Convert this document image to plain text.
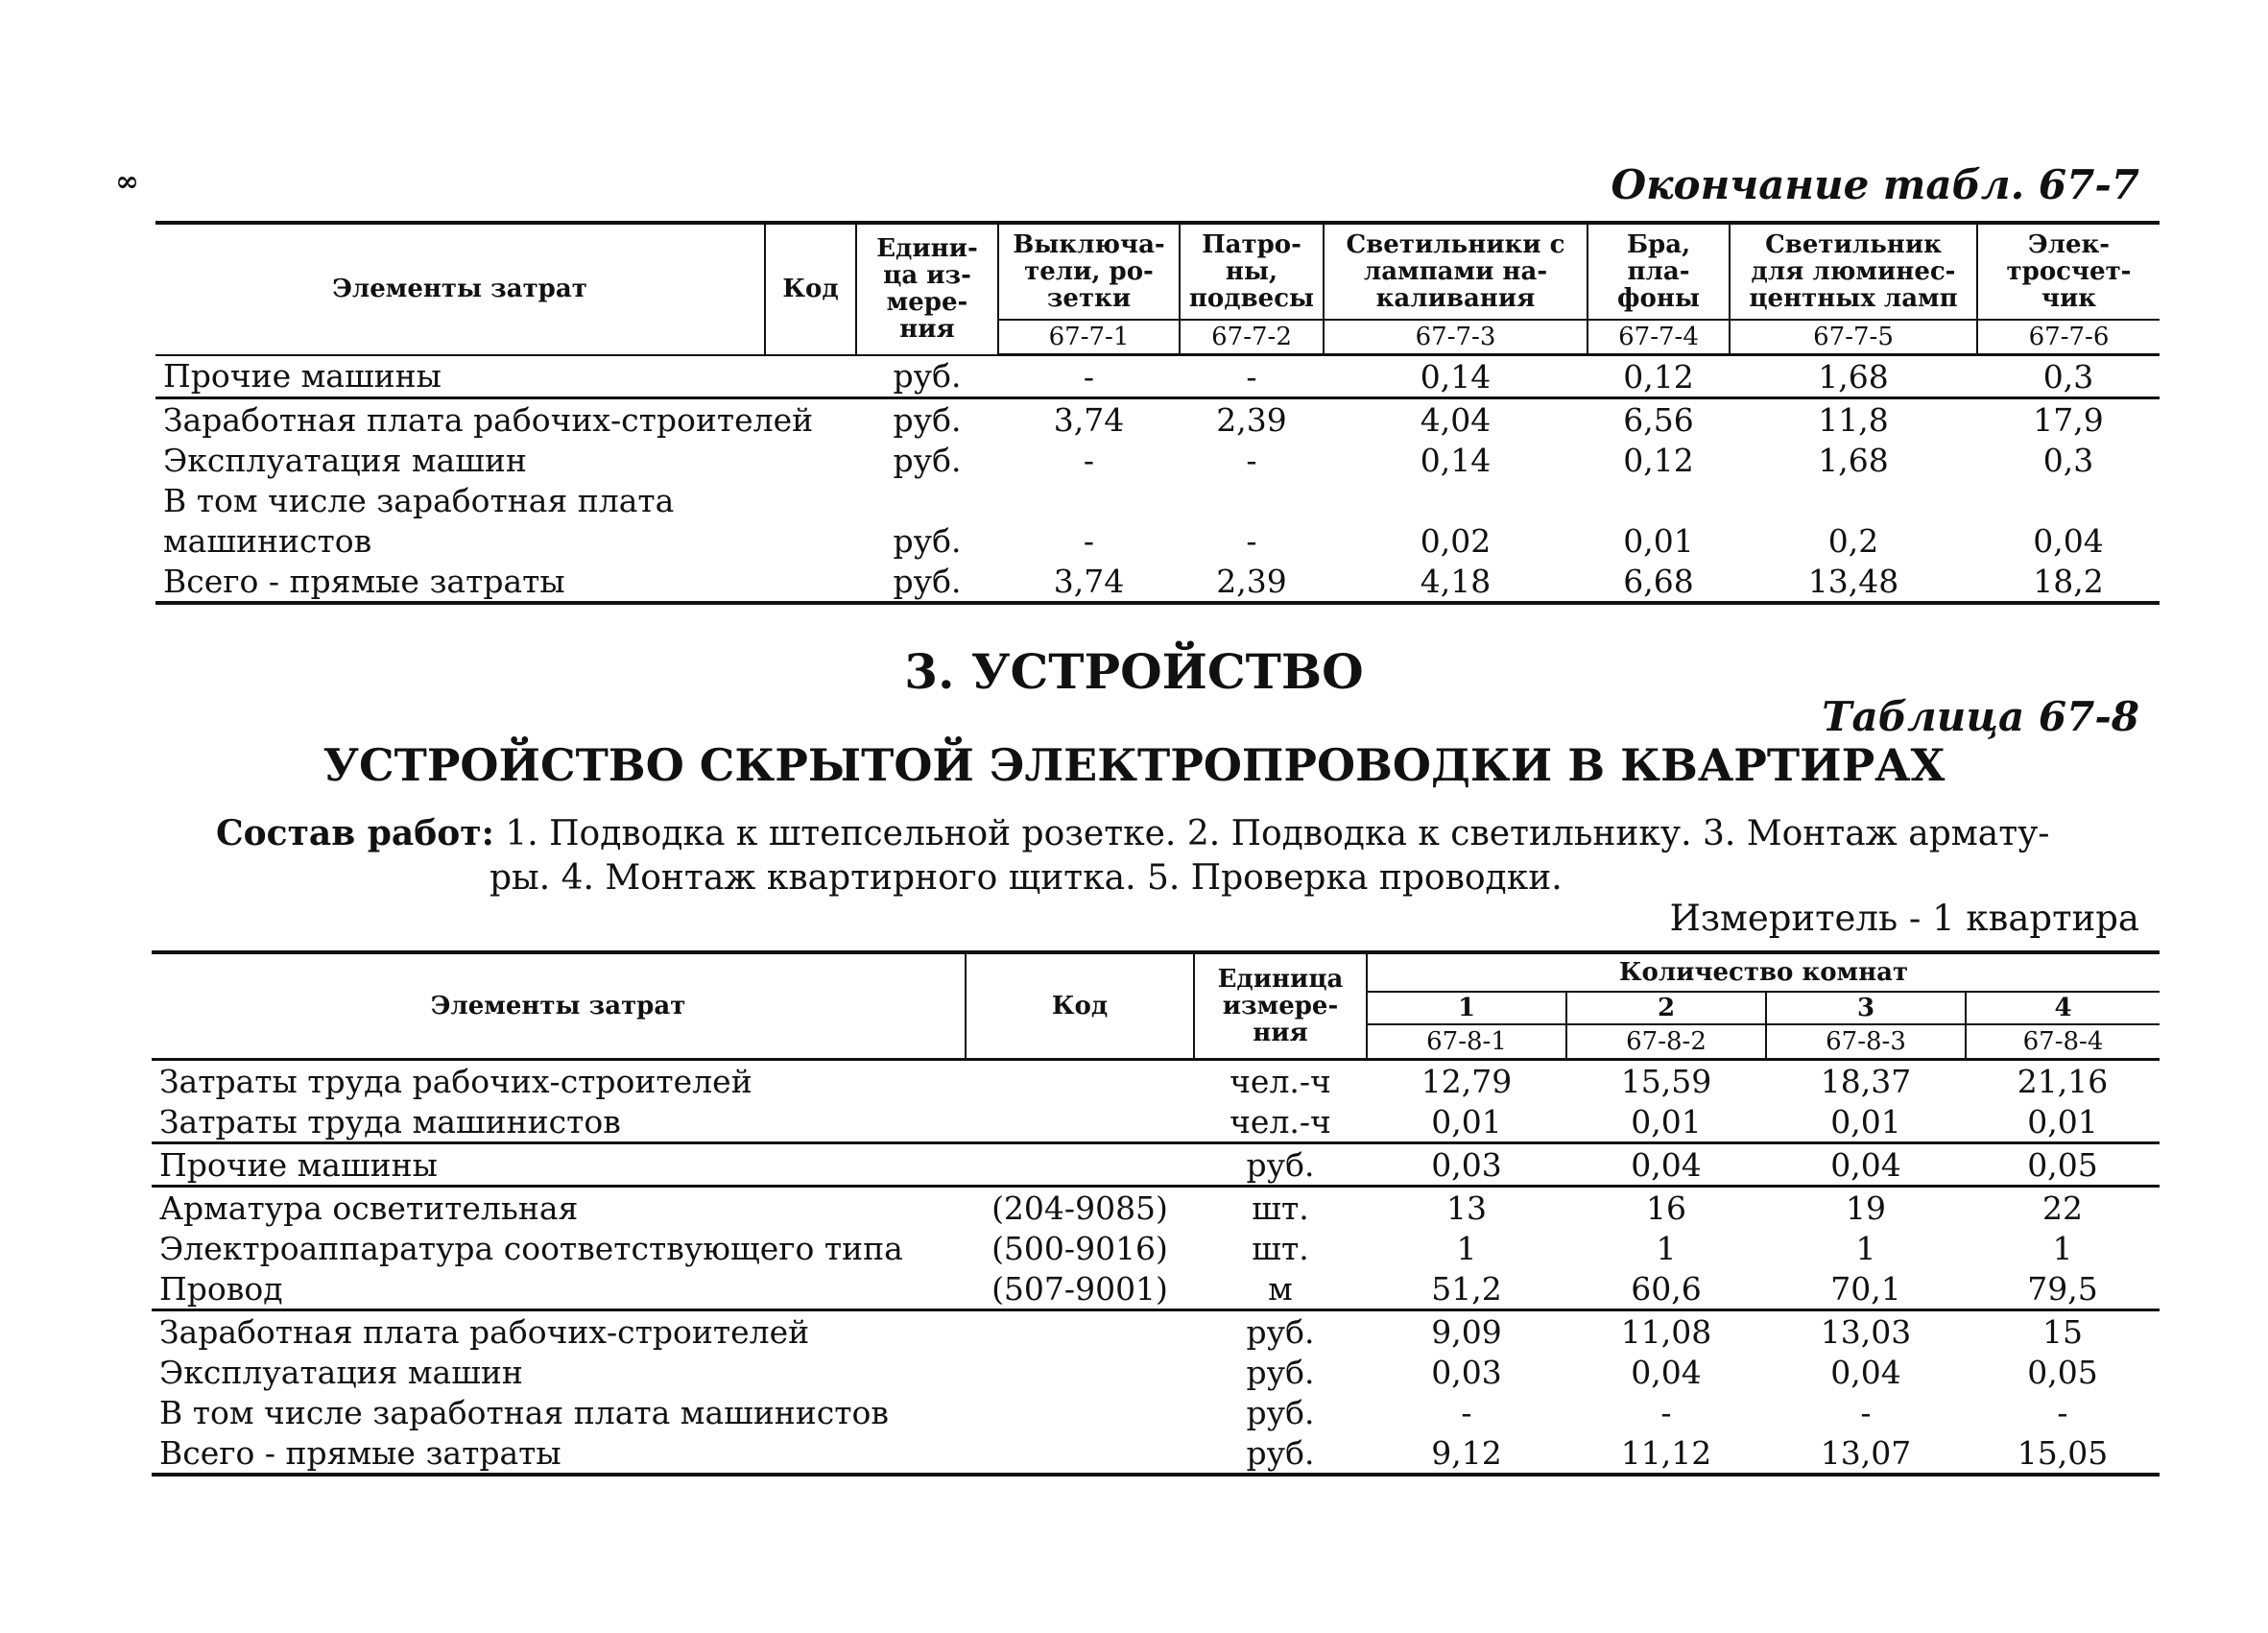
∞	Окончание табл. 67-7
Элементы затрат	Код	Едини-ца из-мере-ния	Выключа-тели, ро-зетки	Патро-ны, подвесы	Светильники с лампами на-каливания	Бра, пла-фоны	Светильник для люминес-центных ламп	Элек-тросчет-чик
			67-7-1	67-7-2	67-7-3	67-7-4	67-7-5	67-7-6
Прочие машины		руб.	-	-	0,14	0,12	1,68	0,3
Заработная плата рабочих-строителей		руб.	3,74	2,39	4,04	6,56	11,8	17,9
Эксплуатация машин		руб.	-	-	0,14	0,12	1,68	0,3
В том числе заработная плата								
машинистов		руб.	-	-	0,02	0,01	0,2	0,04
Всего - прямые затраты		руб.	3,74	2,39	4,18	6,68	13,48	18,2
3. УСТРОЙСТВО
Таблица 67-8
УСТРОЙСТВО СКРЫТОЙ ЭЛЕКТРОПРОВОДКИ В КВАРТИРАХ
Состав работ: 1. Подводка к штепсельной розетке. 2. Подводка к светильнику. 3. Монтаж армату-
ры. 4. Монтаж квартирного щитка. 5. Проверка проводки.
Измеритель - 1 квартира
Элементы затрат	Код	Единица измере-ния	Количество комнат			
			1	2	3	4
			67-8-1	67-8-2	67-8-3	67-8-4
Затраты труда рабочих-строителей		чел.-ч	12,79	15,59	18,37	21,16
Затраты труда машинистов		чел.-ч	0,01	0,01	0,01	0,01
Прочие машины		руб.	0,03	0,04	0,04	0,05
Арматура осветительная	(204-9085)	шт.	13	16	19	22
Электроаппаратура соответствующего типа	(500-9016)	шт.	1	1	1	1
Провод	(507-9001)	м	51,2	60,6	70,1	79,5
Заработная плата рабочих-строителей		руб.	9,09	11,08	13,03	15
Эксплуатация машин		руб.	0,03	0,04	0,04	0,05
В том числе заработная плата машинистов		руб.	-	-	-	-
Всего - прямые затраты		руб.	9,12	11,12	13,07	15,05
